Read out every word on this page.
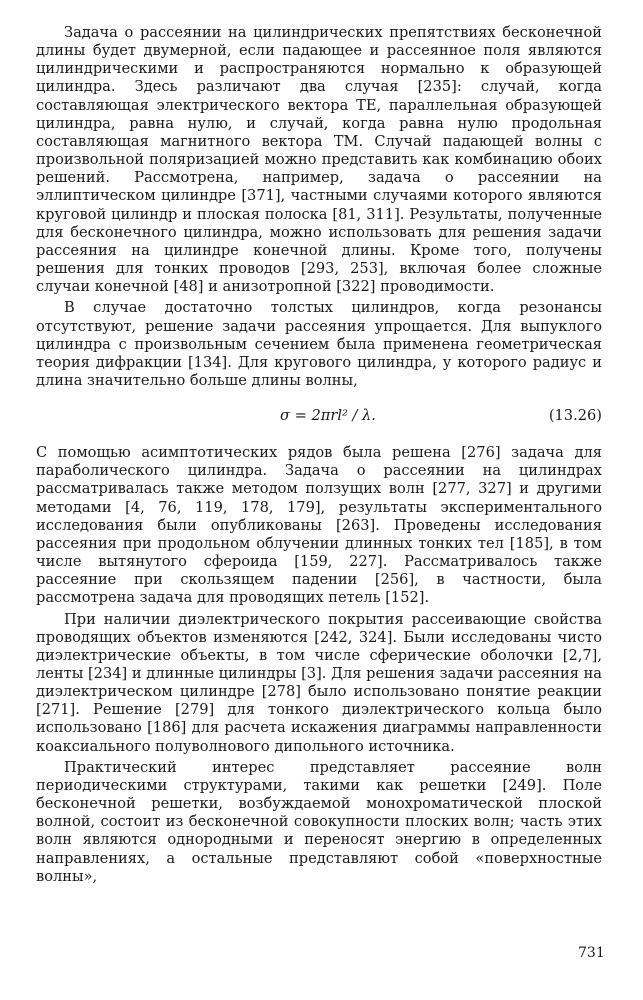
Задача о рассеянии на цилиндрических препятствиях бесконечной длины будет двумерной, если падающее и рассеянное поля являются цилиндрическими и распространяются нормально к образующей цилиндра. Здесь различают два случая [235]: случай, когда составляющая электрического вектора ТЕ, параллельная образующей цилиндра, равна нулю, и случай, когда равна нулю продольная составляющая магнитного вектора ТМ. Случай падающей волны с произвольной поляризацией можно представить как комбинацию обоих решений. Рассмотрена, например, задача о рассеянии на эллиптическом цилиндре [371], частными случаями которого являются круговой цилиндр и плоская полоска [81, 311]. Результаты, полученные для бесконечного цилиндра, можно использовать для решения задачи рассеяния на цилиндре конечной длины. Кроме того, получены решения для тонких проводов [293, 253], включая более сложные случаи конечной [48] и анизотропной [322] проводимости.

В случае достаточно толстых цилиндров, когда резонансы отсутствуют, решение задачи рассеяния упрощается. Для выпуклого цилиндра с произвольным сечением была применена геометрическая теория дифракции [134]. Для кругового цилиндра, у которого радиус и длина значительно больше длины волны,

σ = 2πrl² / λ.	(13.26)

С помощью асимптотических рядов была решена [276] задача для параболического цилиндра. Задача о рассеянии на цилиндрах рассматривалась также методом ползущих волн [277, 327] и другими методами [4, 76, 119, 178, 179], результаты экспериментального исследования были опубликованы [263]. Проведены исследования рассеяния при продольном облучении длинных тонких тел [185], в том числе вытянутого сфероида [159, 227]. Рассматривалось также рассеяние при скользящем падении [256], в частности, была рассмотрена задача для проводящих петель [152].

При наличии диэлектрического покрытия рассеивающие свойства проводящих объектов изменяются [242, 324]. Были исследованы чисто диэлектрические объекты, в том числе сферические оболочки [2,7], ленты [234] и длинные цилиндры [3]. Для решения задачи рассеяния на диэлектрическом цилиндре [278] было использовано понятие реакции [271]. Решение [279] для тонкого диэлектрического кольца было использовано [186] для расчета искажения диаграммы направленности коаксиального полуволнового дипольного источника.

Практический интерес представляет рассеяние волн периодическими структурами, такими как решетки [249]. Поле бесконечной решетки, возбуждаемой монохроматической плоской волной, состоит из бесконечной совокупности плоских волн; часть этих волн являются однородными и переносят энергию в определенных направлениях, а остальные представляют собой «поверхностные волны»,

731
